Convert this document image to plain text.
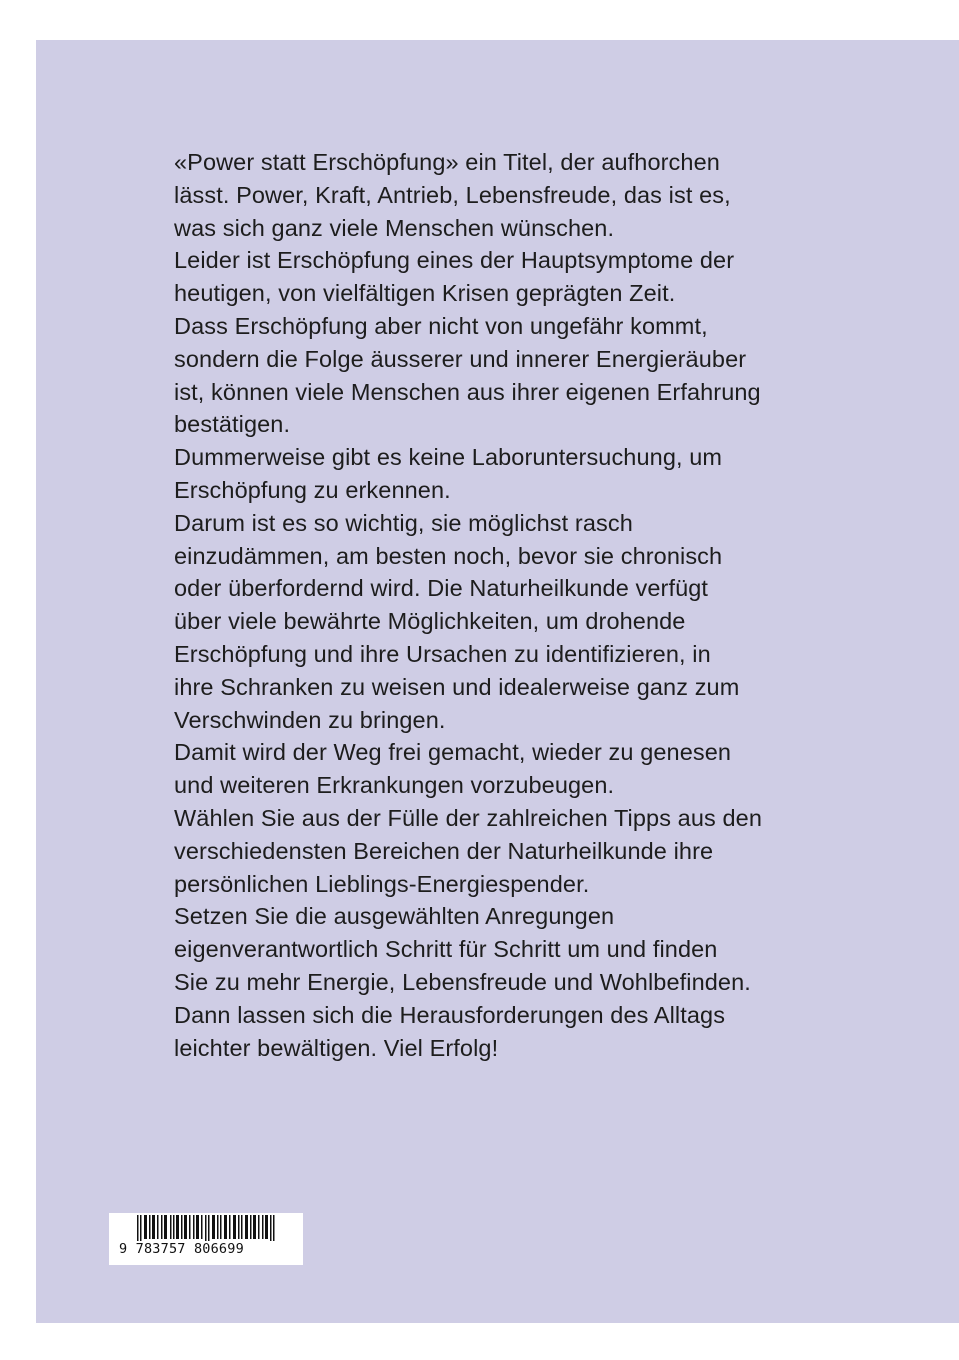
«Power statt Erschöpfung» ein Titel, der aufhorchen
lässt. Power, Kraft, Antrieb, Lebensfreude, das ist es,
was sich ganz viele Menschen wünschen.
Leider ist Erschöpfung eines der Hauptsymptome der
heutigen, von vielfältigen Krisen geprägten Zeit.
Dass Erschöpfung aber nicht von ungefähr kommt,
sondern die Folge äusserer und innerer Energieräuber
ist, können viele Menschen aus ihrer eigenen Erfahrung
bestätigen.
Dummerweise gibt es keine Laboruntersuchung, um
Erschöpfung zu erkennen.
Darum ist es so wichtig, sie möglichst rasch
einzudämmen, am besten noch, bevor sie chronisch
oder überfordernd wird. Die Naturheilkunde verfügt
über viele bewährte Möglichkeiten, um drohende
Erschöpfung und ihre Ursachen zu identifizieren, in
ihre Schranken zu weisen und idealerweise ganz zum
Verschwinden zu bringen.
Damit wird der Weg frei gemacht, wieder zu genesen
und weiteren Erkrankungen vorzubeugen.
Wählen Sie aus der Fülle der zahlreichen Tipps aus den
verschiedensten Bereichen der Naturheilkunde ihre
persönlichen Lieblings-Energiespender.
Setzen Sie die ausgewählten Anregungen
eigenverantwortlich Schritt für Schritt um und finden
Sie zu mehr Energie, Lebensfreude und Wohlbefinden.
Dann lassen sich die Herausforderungen des Alltags
leichter bewältigen. Viel Erfolg!

9 783757 806699
